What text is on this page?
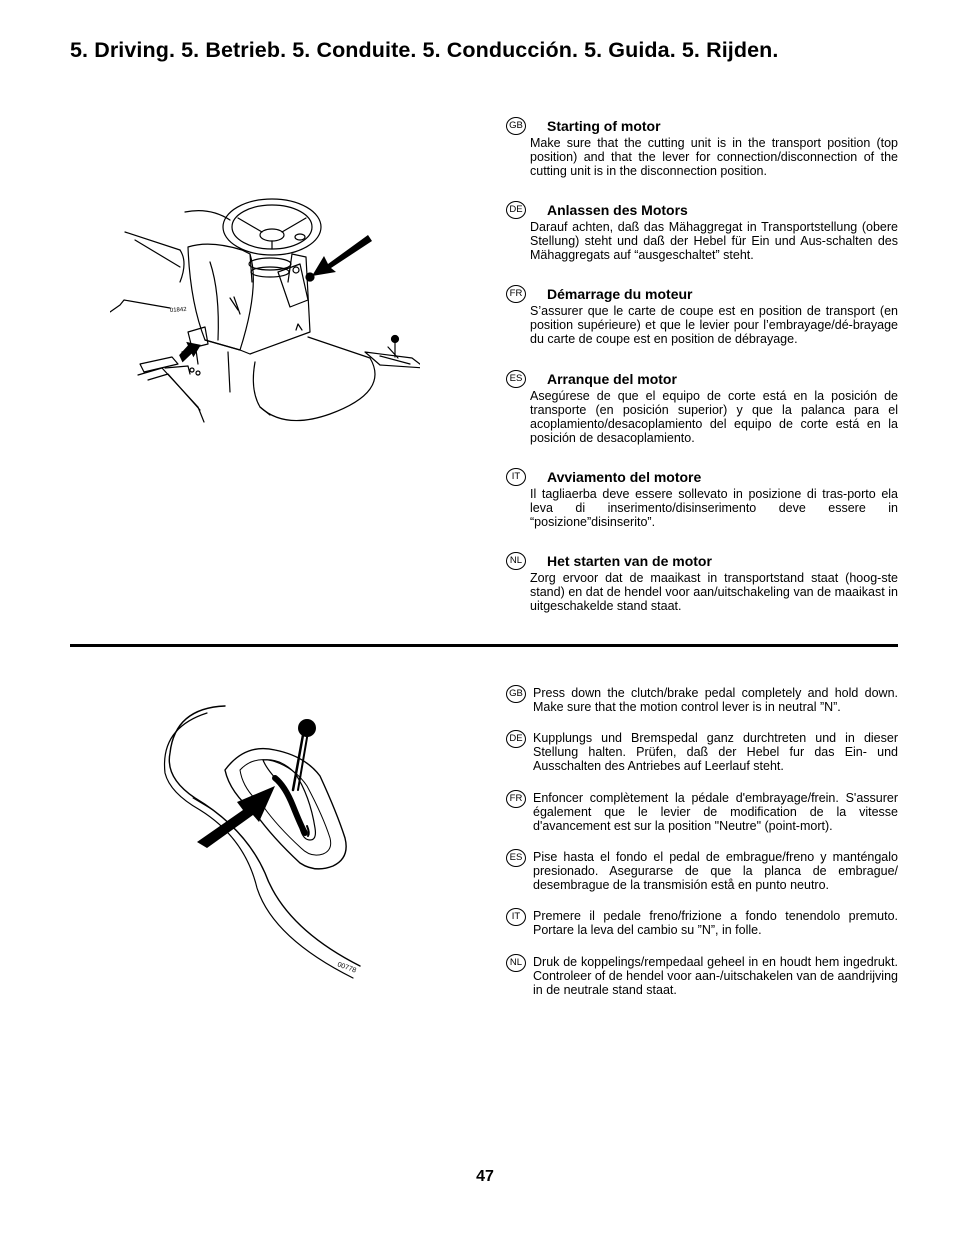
5. Driving. 5. Betrieb. 5. Conduite. 5. Conducción. 5. Guida. 5. Rijden.
01842
GB Starting of motor
Make sure that the cutting unit is in the transport position (top position) and that the lever for connection/disconnection of the cutting unit is in the disconnection position.
DE Anlassen des Motors
Darauf achten, daß das Mähaggregat in Transportstellung (obere Stellung) steht und daß der Hebel für Ein und Aus-schalten des Mähaggregats auf “ausgeschaltet” steht.
FR Démarrage du moteur
S’assurer que le carte de coupe est en position de transport (en position supérieure) et que le levier pour l’embrayage/dé-brayage du carte de coupe est en position de débrayage.
ES Arranque del motor
Asegúrese de que el equipo de corte está en la posición de transporte (en posición superior) y que la palanca para el acoplamiento/desacoplamiento del equipo de corte está en la posición de desacoplamiento.
IT	Avviamento del motore
Il tagliaerba deve essere sollevato in posizione di tras-porto ela leva di inserimento/disinserimento deve essere in “posizione”disinserito”.
NL Het starten van de motor
Zorg ervoor dat de maaikast in transportstand staat (hoog-ste stand) en dat de hendel voor aan/uitschakeling van de maaikast in uitgeschakelde stand staat.
00778
GB Press down the clutch/brake pedal completely and hold down. Make sure that the motion control lever is in neutral ”N”.
DE Kupplungs und Bremspedal ganz durchtreten und in dieser Stellung halten. Prüfen, daß der Hebel fur das Ein- und Ausschalten des Antriebes auf Leerlauf steht.
FR Enfoncer complètement la pédale d'embrayage/frein. S'assurer également que le levier de modification de la vitesse d'avancement est sur la position "Neutre" (point-mort).
ES Pise hasta el fondo el pedal de embrague/freno y manténgalo presionado. Asegurarse de que la planca de embrague/ desembrague de la transmisión estå en punto neutro.
IT	Premere il pedale freno/frizione a fondo tenendolo premuto. Portare la leva del cambio su ”N”, in folle.
NL Druk de koppelings/rempedaal geheel in en houdt hem ingedrukt. Controleer of de hendel voor aan-/uitschakelen van de aandrijving in de neutrale stand staat.
47
